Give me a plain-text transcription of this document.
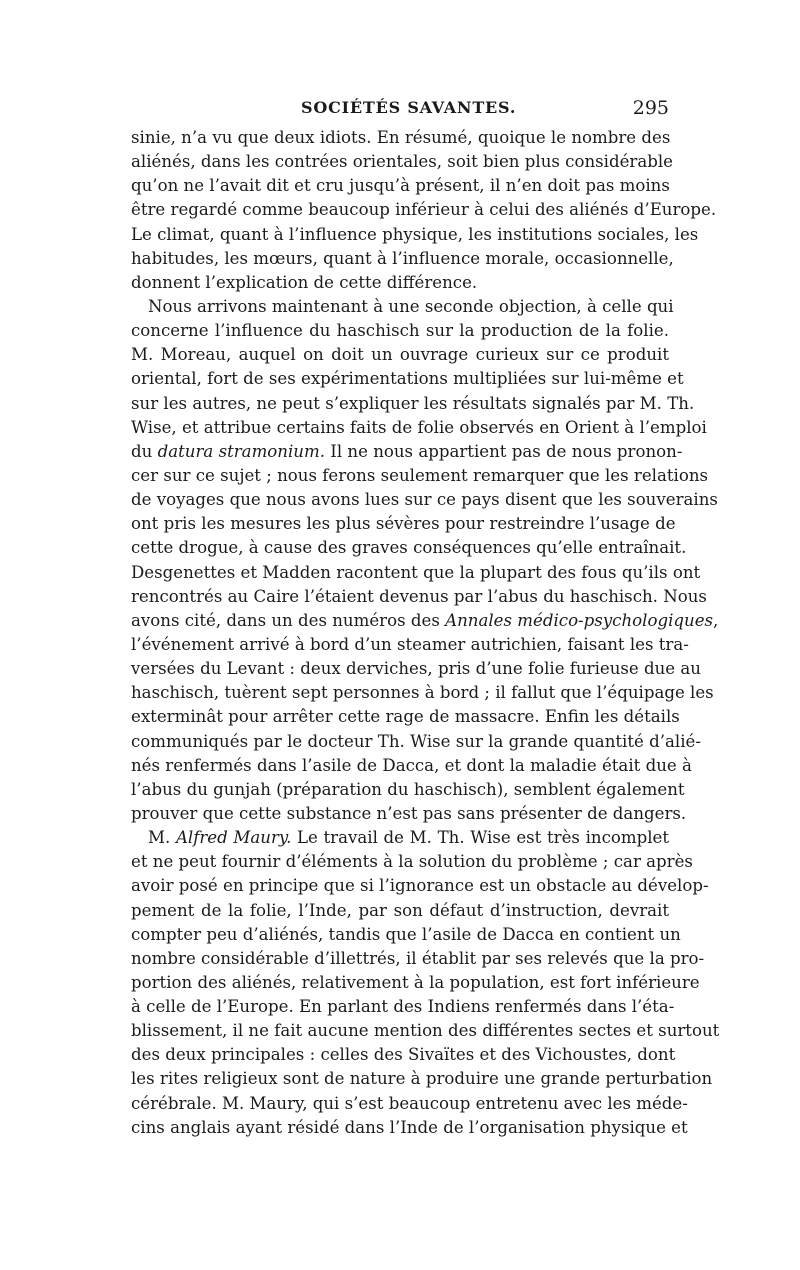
SOCIÉTÉS SAVANTES.	295
sinie, n’a vu que deux idiots. En résumé, quoique le nombre des
aliénés, dans les contrées orientales, soit bien plus considérable
qu’on ne l’avait dit et cru jusqu’à présent, il n’en doit pas moins
être regardé comme beaucoup inférieur à celui des aliénés d’Europe.
Le climat, quant à l’influence physique, les institutions sociales, les
habitudes, les mœurs, quant à l’influence morale, occasionnelle,
donnent l’explication de cette différence.
Nous arrivons maintenant à une seconde objection, à celle qui
concerne l’influence du haschisch sur la production de la folie.
M. Moreau, auquel on doit un ouvrage curieux sur ce produit
oriental, fort de ses expérimentations multipliées sur lui-même et
sur les autres, ne peut s’expliquer les résultats signalés par M. Th.
Wise, et attribue certains faits de folie observés en Orient à l’emploi
du datura stramonium. Il ne nous appartient pas de nous pronon-
cer sur ce sujet ; nous ferons seulement remarquer que les relations
de voyages que nous avons lues sur ce pays disent que les souverains
ont pris les mesures les plus sévères pour restreindre l’usage de
cette drogue, à cause des graves conséquences qu’elle entraînait.
Desgenettes et Madden racontent que la plupart des fous qu’ils ont
rencontrés au Caire l’étaient devenus par l’abus du haschisch. Nous
avons cité, dans un des numéros des Annales médico-psychologiques,
l’événement arrivé à bord d’un steamer autrichien, faisant les tra-
versées du Levant : deux derviches, pris d’une folie furieuse due au
haschisch, tuèrent sept personnes à bord ; il fallut que l’équipage les
exterminât pour arrêter cette rage de massacre. Enfin les détails
communiqués par le docteur Th. Wise sur la grande quantité d’alié-
nés renfermés dans l’asile de Dacca, et dont la maladie était due à
l’abus du gunjah (préparation du haschisch), semblent également
prouver que cette substance n’est pas sans présenter de dangers.
M. Alfred Maury. Le travail de M. Th. Wise est très incomplet
et ne peut fournir d’éléments à la solution du problème ; car après
avoir posé en principe que si l’ignorance est un obstacle au dévelop-
pement de la folie, l’Inde, par son défaut d’instruction, devrait
compter peu d’aliénés, tandis que l’asile de Dacca en contient un
nombre considérable d’illettrés, il établit par ses relevés que la pro-
portion des aliénés, relativement à la population, est fort inférieure
à celle de l’Europe. En parlant des Indiens renfermés dans l’éta-
blissement, il ne fait aucune mention des différentes sectes et surtout
des deux principales : celles des Sivaïtes et des Vichoustes, dont
les rites religieux sont de nature à produire une grande perturbation
cérébrale. M. Maury, qui s’est beaucoup entretenu avec les méde-
cins anglais ayant résidé dans l’Inde de l’organisation physique et
